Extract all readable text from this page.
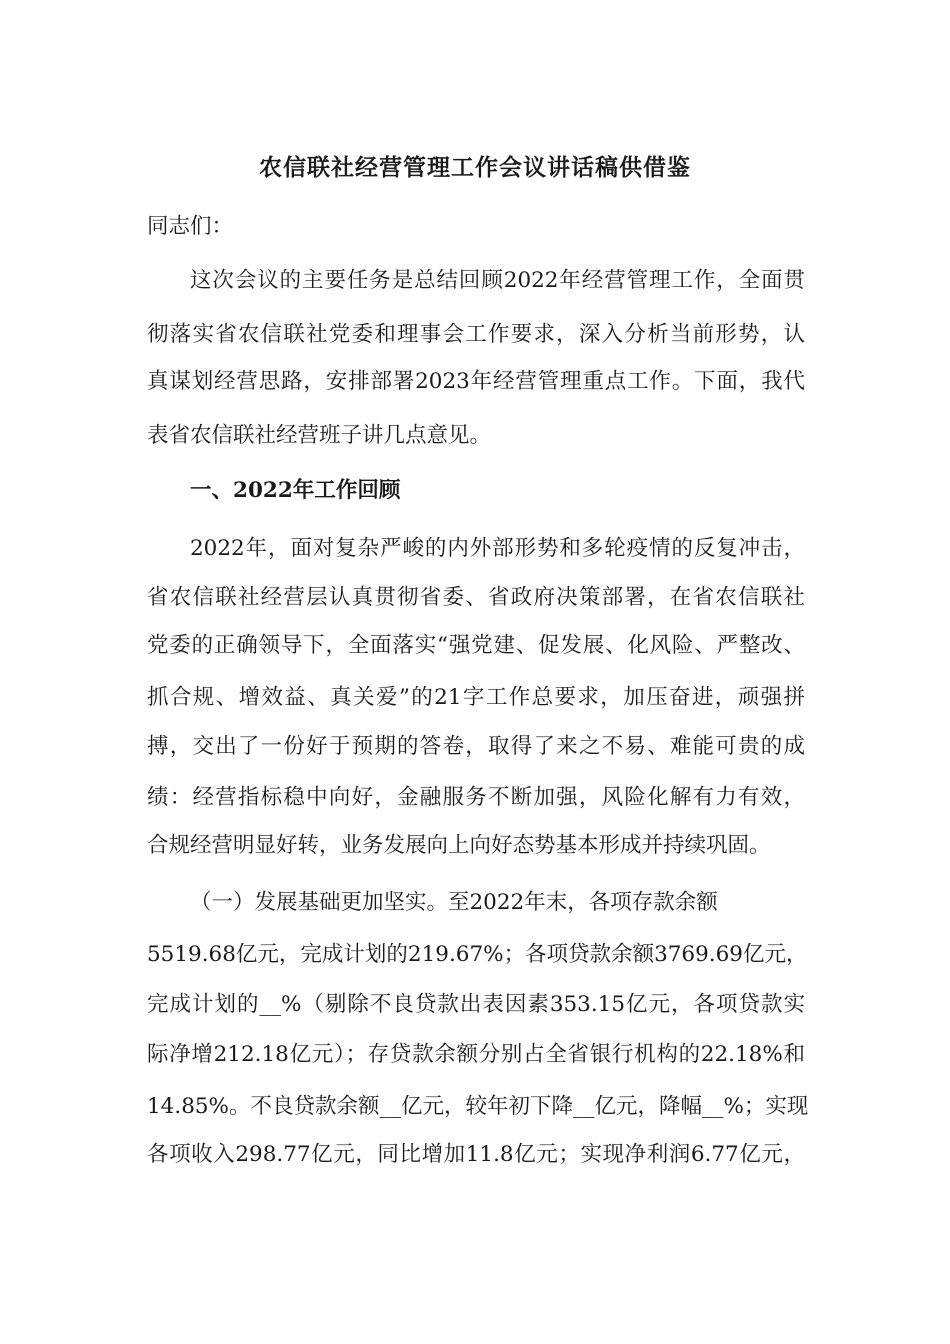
农信联社经营管理工作会议讲话稿供借鉴
同志们：
这次会议的主要任务是总结回顾2022年经营管理工作，全面贯
彻落实省农信联社党委和理事会工作要求，深入分析当前形势，认
真谋划经营思路，安排部署2023年经营管理重点工作。下面，我代
表省农信联社经营班子讲几点意见。
一、2022年工作回顾
2022年，面对复杂严峻的内外部形势和多轮疫情的反复冲击，
省农信联社经营层认真贯彻省委、省政府决策部署，在省农信联社
党委的正确领导下，全面落实“强党建、促发展、化风险、严整改、
抓合规、增效益、真关爱”的21字工作总要求，加压奋进，顽强拼
搏，交出了一份好于预期的答卷，取得了来之不易、难能可贵的成
绩：经营指标稳中向好，金融服务不断加强，风险化解有力有效，
合规经营明显好转，业务发展向上向好态势基本形成并持续巩固。
（一）发展基础更加坚实。至2022年末，各项存款余额
5519.68亿元，完成计划的219.67%；各项贷款余额3769.69亿元，
完成计划的__%（剔除不良贷款出表因素353.15亿元，各项贷款实
际净增212.18亿元）；存贷款余额分别占全省银行机构的22.18%和
14.85%。不良贷款余额__亿元，较年初下降__亿元，降幅__%；实现
各项收入298.77亿元，同比增加11.8亿元；实现净利润6.77亿元，
